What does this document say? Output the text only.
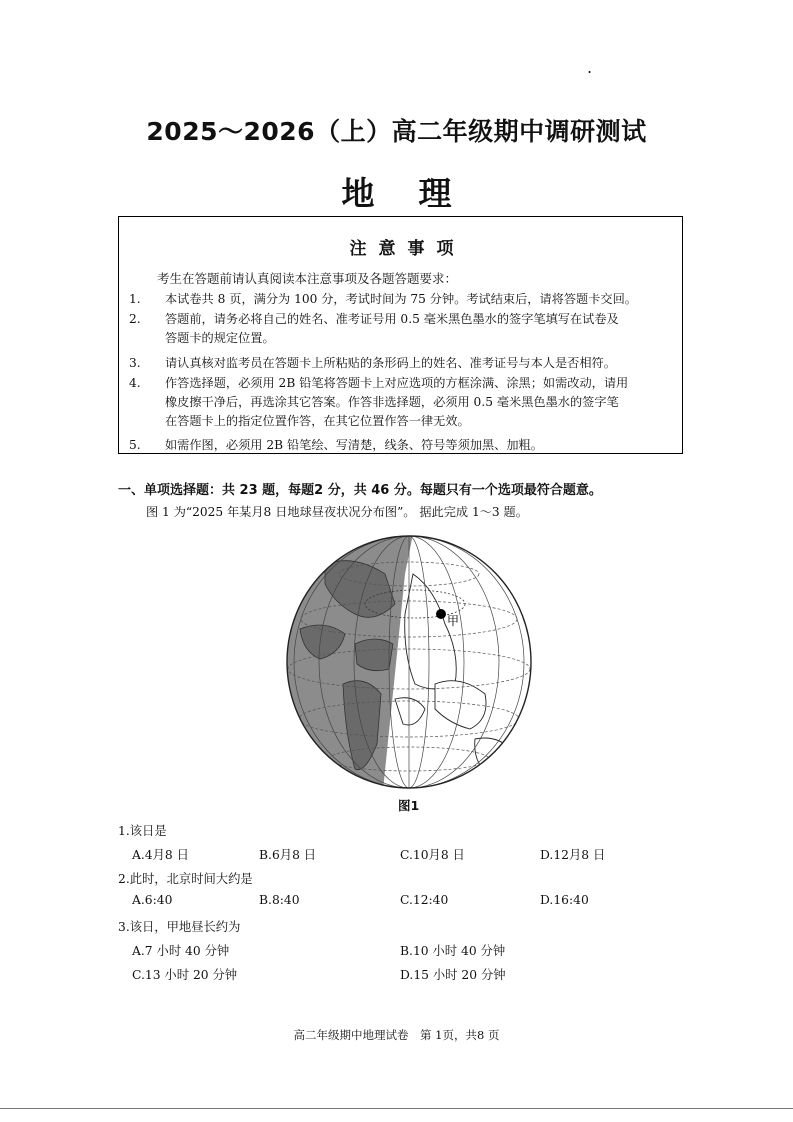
.
2025～2026（上）高二年级期中调研测试
地理
注意事项
考生在答题前请认真阅读本注意事项及各题答题要求：
1.	本试卷共 8 页，满分为 100 分，考试时间为 75 分钟。考试结束后，请将答题卡交回。
2.	答题前，请务必将自己的姓名、准考证号用 0.5 毫米黑色墨水的签字笔填写在试卷及
答题卡的规定位置。
3.	请认真核对监考员在答题卡上所粘贴的条形码上的姓名、准考证号与本人是否相符。
4.	作答选择题，必须用 2B 铅笔将答题卡上对应选项的方框涂满、涂黑；如需改动，请用
橡皮擦干净后，再选涂其它答案。作答非选择题，必须用 0.5 毫米黑色墨水的签字笔
在答题卡上的指定位置作答，在其它位置作答一律无效。
5.	如需作图，必须用 2B 铅笔绘、写清楚，线条、符号等须加黑、加粗。
一、单项选择题：共 23 题，每题2 分，共 46 分。每题只有一个选项最符合题意。
图 1 为“2025 年某月8 日地球昼夜状况分布图”。 据此完成 1～3 题。
甲
图1
1.该日是
A.4月8 日	B.6月8 日	C.10月8 日	D.12月8 日
2.此时，北京时间大约是
A.6:40	B.8:40	C.12:40	D.16:40
3.该日，甲地昼长约为
A.7 小时 40 分钟	B.10 小时 40 分钟
C.13 小时 20 分钟	D.15 小时 20 分钟
高二年级期中地理试卷　第 1页，共8 页
